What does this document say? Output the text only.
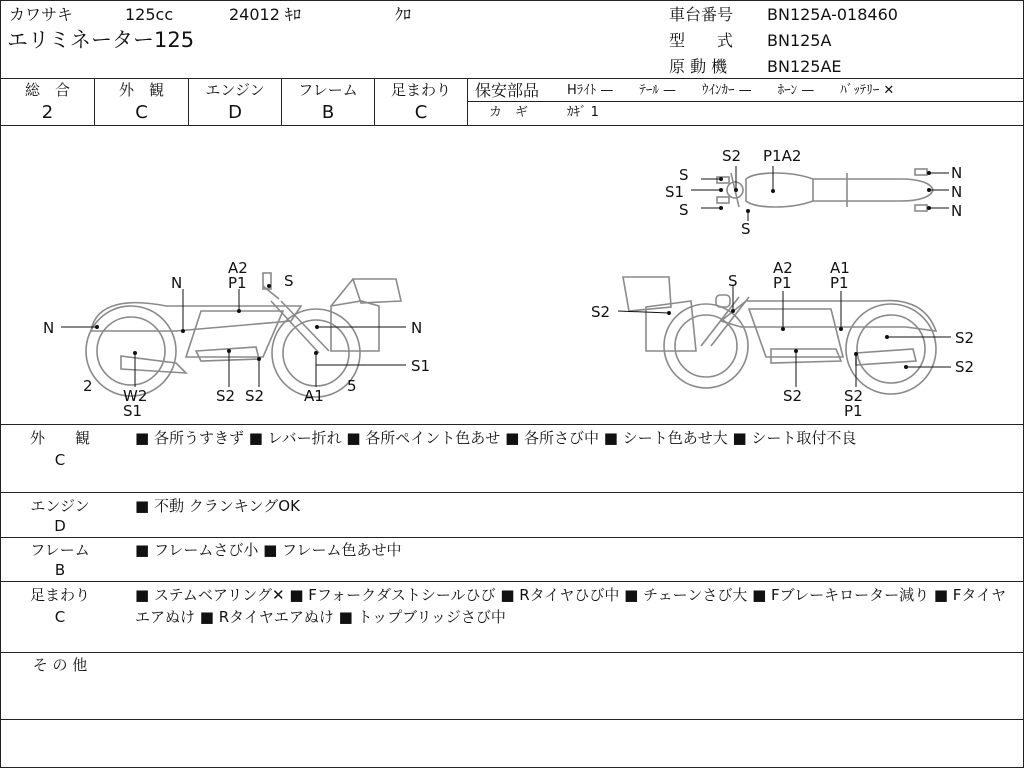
カワサキ	125cc	24012 ｷﾛ	ｸﾛ
エリミネーター125
車台番号 BN125A-018460
型　　式 BN125A
原 動 機 BN125AE
総　合
2
外　観
C
エンジン
D
フレーム
B
足まわり
C
保安部品 Hﾗｲﾄ —　　ﾃｰﾙ —　　ｳｲﾝｶｰ —　　ﾎｰﾝ —　　ﾊﾞｯﾃﾘｰ ✕
カ　ギ	ｶｷﾞ 1
S
S2 P1A2
N
S1	N
S	N
S
A2
P1 S
N
N	N
S1
2
W2
S1
S2 S2	A1
5
S
A2
P1
A1
P1
S2
S2
S2
S2	S2
P1
外　　観
C
■ 各所うすきず ■ レバー折れ ■ 各所ペイント色あせ ■ 各所さび中 ■ シート色あせ大 ■ シート取付不良
エンジン
D
■ 不動 クランキングOK
フレーム
B
■ フレームさび小 ■ フレーム色あせ中
足まわり
C
■ ステムベアリング✕ ■ Fフォークダストシールひび ■ Rタイヤひび中 ■ チェーンさび大 ■ Fブレーキローター減り ■ Fタイヤエアぬけ ■ Rタイヤエアぬけ ■ トップブリッジさび中
そ の 他
